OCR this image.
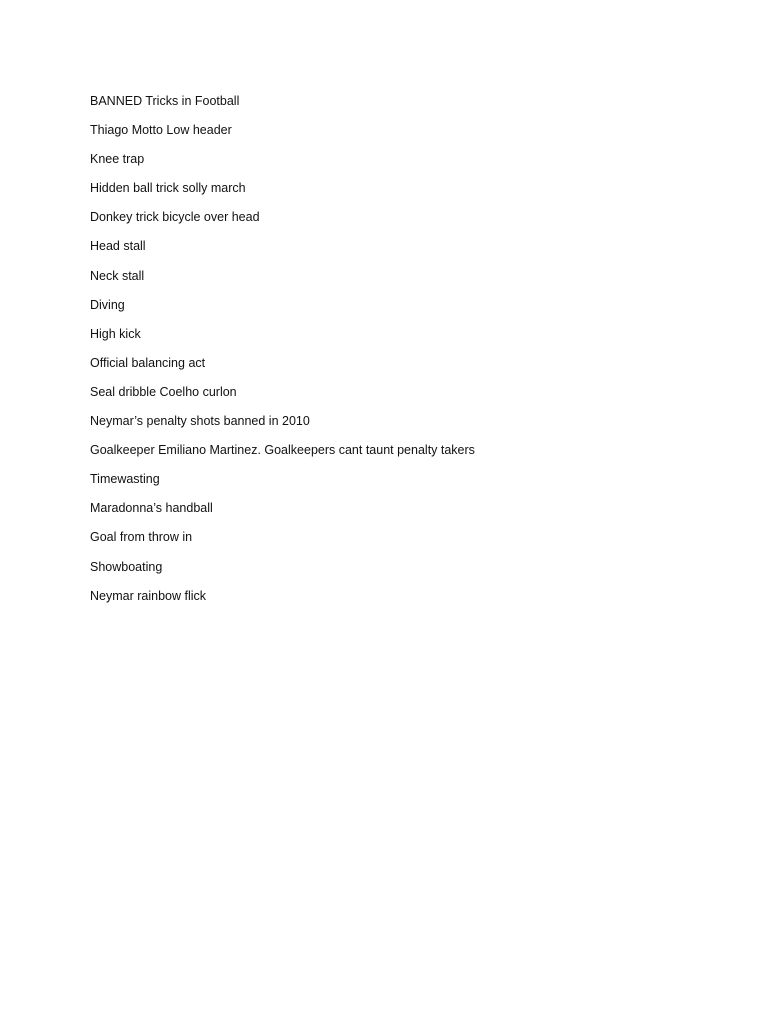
BANNED Tricks in Football
Thiago Motto Low header
Knee trap
Hidden ball trick solly march
Donkey trick bicycle over head
Head stall
Neck stall
Diving
High kick
Official balancing act
Seal dribble Coelho curlon
Neymar’s penalty shots banned in 2010
Goalkeeper Emiliano Martinez. Goalkeepers cant taunt penalty takers
Timewasting
Maradonna’s handball
Goal from throw in
Showboating
Neymar rainbow flick
